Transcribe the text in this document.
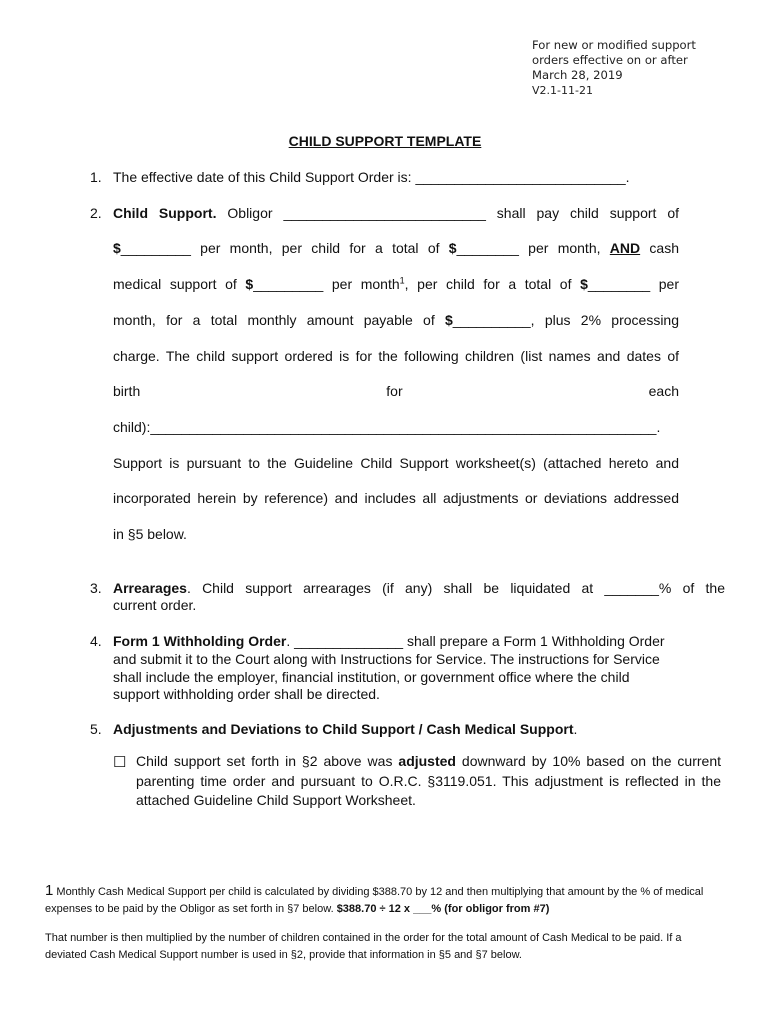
For new or modified support
orders effective on or after
March 28, 2019
V2.1-11-21
CHILD SUPPORT TEMPLATE
1. The effective date of this Child Support Order is: ___________________________.
2. Child Support. Obligor __________________________ shall pay child support of
$_________ per month, per child for a total of $________ per month, AND cash
medical support of $_________ per month$^1$, per child for a total of $________ per
month, for a total monthly amount payable of $__________, plus 2% processing
charge. The child support ordered is for the following children (list names and dates of
birth for each
child):_________________________________________________________________.
Support is pursuant to the Guideline Child Support worksheet(s) (attached hereto and
incorporated herein by reference) and includes all adjustments or deviations addressed
in §5 below.
3. Arrearages. Child support arrearages (if any) shall be liquidated at _______% of the
current order.
4. Form 1 Withholding Order. ______________ shall prepare a Form 1 Withholding Order
and submit it to the Court along with Instructions for Service. The instructions for Service
shall include the employer, financial institution, or government office where the child
support withholding order shall be directed.
5. Adjustments and Deviations to Child Support / Cash Medical Support.
☐ Child support set forth in §2 above was adjusted downward by 10% based on the current parenting time order and pursuant to O.R.C. §3119.051. This adjustment is reflected in the attached Guideline Child Support Worksheet.
1 Monthly Cash Medical Support per child is calculated by dividing $388.70 by 12 and then multiplying that amount by the % of medical expenses to be paid by the Obligor as set forth in §7 below. $388.70 ÷ 12 x ___% (for obligor from #7)
That number is then multiplied by the number of children contained in the order for the total amount of Cash Medical to be paid. If a deviated Cash Medical Support number is used in §2, provide that information in §5 and §7 below.
